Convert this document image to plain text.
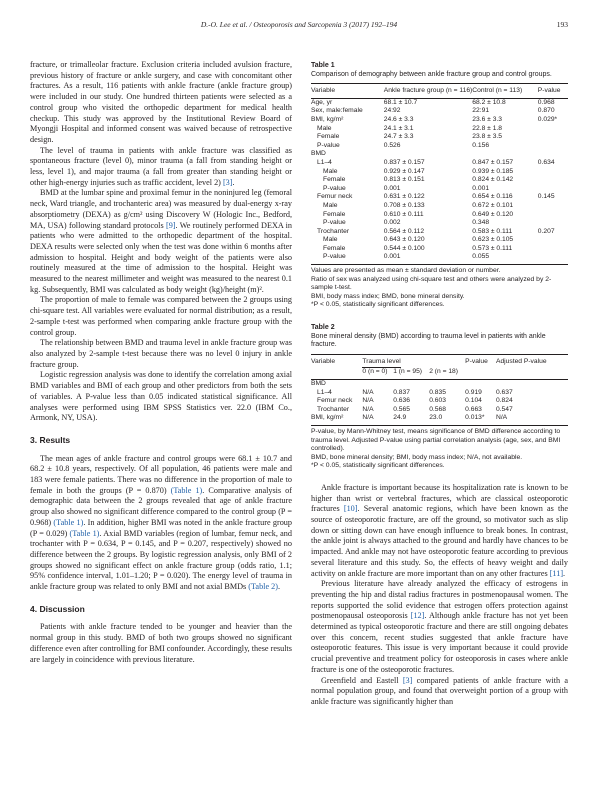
D.-O. Lee et al. / Osteoporosis and Sarcopenia 3 (2017) 192–194	193

fracture, or trimalleolar fracture. Exclusion criteria included avulsion fracture, previous history of fracture or ankle surgery, and case with concomitant other fractures. As a result, 116 patients with ankle fracture (ankle fracture group) were included in our study. One hundred thirteen patients were selected as a control group who visited the orthopedic department for medical health checkup. This study was approved by the Institutional Review Board of Myongji Hospital and informed consent was waived because of retrospective design.

The level of trauma in patients with ankle fracture was classified as spontaneous fracture (level 0), minor trauma (a fall from standing height or less, level 1), and major trauma (a fall from greater than standing height or other high-energy injuries such as traffic accident, level 2) [3].

BMD at the lumbar spine and proximal femur in the noninjured leg (femoral neck, Ward triangle, and trochanteric area) was measured by dual-energy x-ray absorptiometry (DEXA) as g/cm² using Discovery W (Hologic Inc., Bedford, MA, USA) following standard protocols [9]. We routinely performed DEXA in patients who were admitted to the orthopedic department of the hospital. DEXA results were selected only when the test was done within 6 months after admission to hospital. Height and body weight of the patients were also routinely measured at the time of admission to the hospital. Height was measured to the nearest millimeter and weight was measured to the nearest 0.1 kg. Subsequently, BMI was calculated as body weight (kg)/height (m)².

The proportion of male to female was compared between the 2 groups using chi-square test. All variables were evaluated for normal distribution; as a result, 2-sample t-test was performed when comparing ankle fracture group with the control group.

The relationship between BMD and trauma level in ankle fracture group was also analyzed by 2-sample t-test because there was no level 0 injury in ankle fracture group.

Logistic regression analysis was done to identify the correlation among axial BMD variables and BMI of each group and other predictors from both the sets of variables. A P-value less than 0.05 indicated statistical significance. All analyses were performed using IBM SPSS Statistics ver. 22.0 (IBM Co., Armonk, NY, USA).

3. Results

The mean ages of ankle fracture and control groups were 68.1 ± 10.7 and 68.2 ± 10.8 years, respectively. Of all population, 46 patients were male and 183 were female patients. There was no difference in the proportion of male to female in both the groups (P = 0.870) (Table 1). Comparative analysis of demographic data between the 2 groups revealed that age of ankle fracture group also showed no significant difference compared to the control group (P = 0.968) (Table 1). In addition, higher BMI was noted in the ankle fracture group (P = 0.029) (Table 1). Axial BMD variables (region of lumbar, femur neck, and trochanter with P = 0.634, P = 0.145, and P = 0.207, respectively) showed no difference between the 2 groups. By logistic regression analysis, only BMI of 2 groups showed no significant effect on ankle fracture group (odds ratio, 1.1; 95% confidence interval, 1.01–1.20; P = 0.020). The energy level of trauma in ankle fracture group was related to only BMI and not axial BMDs (Table 2).

4. Discussion

Patients with ankle fracture tended to be younger and heavier than the normal group in this study. BMD of both two groups showed no significant difference even after controlling for BMI confounder. Accordingly, these results are largely in coincidence with previous literature.

Table 1
Comparison of demography between ankle fracture group and control groups.
Variable	Ankle fracture group (n = 116)	Control (n = 113)	P-value
Age, yr	68.1 ± 10.7	68.2 ± 10.8	0.968
Sex, male:female	24:92	22:91	0.870
BMI, kg/m²	24.6 ± 3.3	23.6 ± 3.3	0.029*
Male	24.1 ± 3.1	22.8 ± 1.8	
Female	24.7 ± 3.3	23.8 ± 3.5	
P-value	0.526	0.156	
BMD			
L1–4	0.837 ± 0.157	0.847 ± 0.157	0.634
Male	0.929 ± 0.147	0.939 ± 0.185	
Female	0.813 ± 0.151	0.824 ± 0.142	
P-value	0.001	0.001	
Femur neck	0.631 ± 0.122	0.654 ± 0.116	0.145
Male	0.708 ± 0.133	0.672 ± 0.101	
Female	0.610 ± 0.111	0.649 ± 0.120	
P-value	0.002	0.348	
Trochanter	0.564 ± 0.112	0.583 ± 0.111	0.207
Male	0.643 ± 0.120	0.623 ± 0.105	
Female	0.544 ± 0.100	0.573 ± 0.111	
P-value	0.001	0.055	
Values are presented as mean ± standard deviation or number.
Ratio of sex was analyzed using chi-square test and others were analyzed by 2-sample t-test.
BMI, body mass index; BMD, bone mineral density.
*P < 0.05, statistically significant differences.
Table 2
Bone mineral density (BMD) according to trauma level in patients with ankle fracture.
Variable	Trauma level			P-value	Adjusted P-value
	0 (n = 0)	1 (n = 95)	2 (n = 18)		
BMD					
L1–4	N/A	0.837	0.835	0.919	0.637
Femur neck	N/A	0.636	0.603	0.104	0.824
Trochanter	N/A	0.565	0.568	0.663	0.547
BMI, kg/m²	N/A	24.9	23.0	0.013*	N/A
P-value, by Mann-Whitney test, means significance of BMD difference according to trauma level. Adjusted P-value using partial correlation analysis (age, sex, and BMI controlled).
BMD, bone mineral density; BMI, body mass index; N/A, not available.
*P < 0.05, statistically significant differences.

Ankle fracture is important because its hospitalization rate is known to be higher than wrist or vertebral fractures, which are classical osteoporotic fractures [10]. Several anatomic regions, which have been known as the source of osteoporotic fracture, are off the ground, so motivator such as slip down or sitting down can have enough influence to break bones. In contrast, the ankle joint is always attached to the ground and hardly have chances to be impacted. And ankle may not have osteoporotic feature according to previous several literature and this study. So, the effects of heavy weight and daily activity on ankle fracture are more important than on any other fractures [11].

Previous literature have already analyzed the efficacy of estrogens in preventing the hip and distal radius fractures in postmenopausal women. The reports supported the solid evidence that estrogen offers protection against postmenopausal osteoporosis [12]. Although ankle fracture has not yet been determined as typical osteoporotic fracture and there are still ongoing debates over this concern, recent studies suggested that ankle fracture have osteoporotic features. This issue is very important because it could provide crucial preventive and treatment policy for osteoporosis in cases where ankle fracture is one of the osteoporotic fractures.

Greenfield and Eastell [3] compared patients of ankle fracture with a normal population group, and found that overweight portion of a group with ankle fracture was significantly higher than
